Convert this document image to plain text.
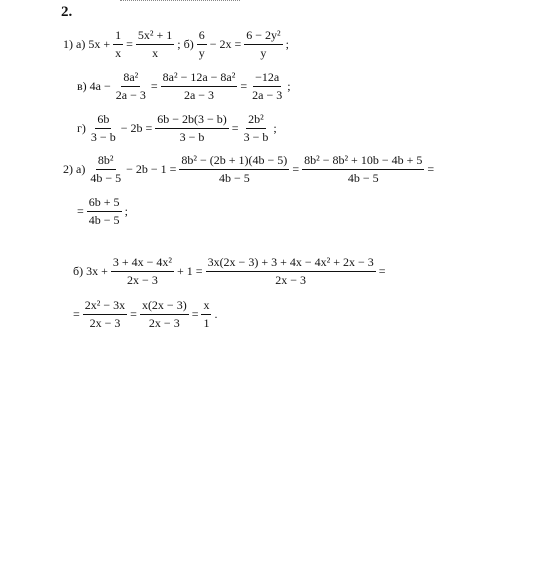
2.
1) а) $5x + \frac{1}{x} = \frac{\text{5x² + 1}}{x}$ ; $б) \frac{6}{y} - 2x = \frac{\text{6 − 2y²}}{y}$ ;
в) $4a - \frac{\text{8a²}}{2a - 3} = \frac{\text{8a² − 12a − 8a²}}{2a - 3} = \frac{-12a}{2a - 3}$ ;
$г) \frac{6b}{3 - b} - 2b = \frac{6b - 2b(3 - b)}{3 - b} = \frac{\text{2b²}}{3 - b}$ ;
2) $а) \frac{\text{8b²}}{4b - 5} - 2b - 1 = \frac{\text{8b² − (2b + 1)(4b − 5)}}{4b - 5} = \frac{\text{8b² − 8b² + 10b − 4b + 5}}{4b - 5}$ =
= $\frac{6b + 5}{4b - 5}$ ;
б) $3x + \frac{\text{3 + 4x − 4x²}}{2x - 3} + 1 = \frac{\text{3x(2x − 3) + 3 + 4x − 4x² + 2x − 3}}{2x - 3}$ =
= $\frac{\text{2x² − 3x}}{2x - 3} = \frac{x(2x - 3)}{2x - 3} = \frac{x}{1}$ .
